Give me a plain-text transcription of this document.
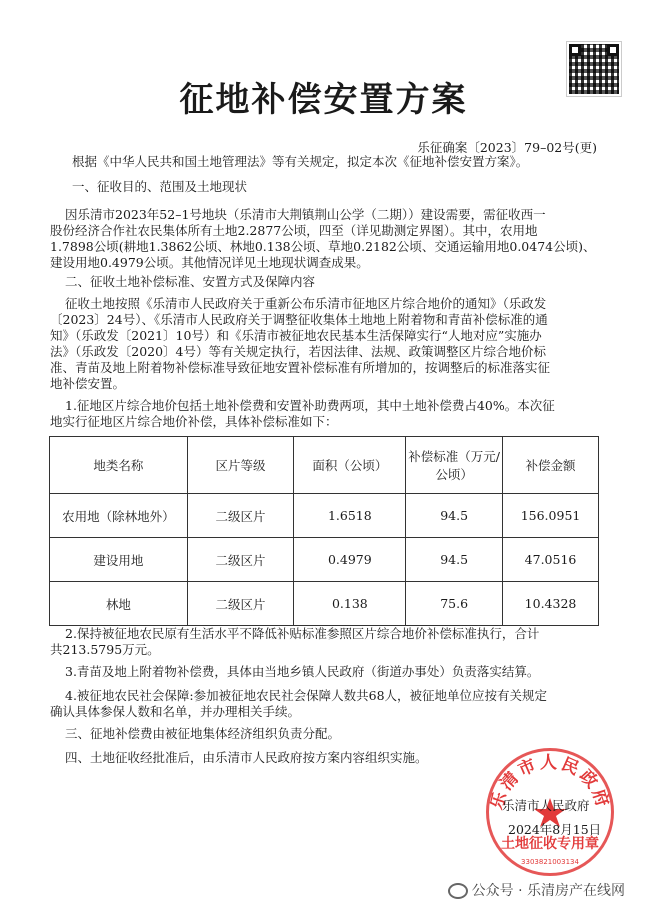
征地补偿安置方案
乐征确案〔2023〕79–02号(更)

根据《中华人民共和国土地管理法》等有关规定，拟定本次《征地补偿安置方案》。

一、征收目的、范围及土地现状

因乐清市2023年52–1号地块（乐清市大荆镇荆山公学（二期））建设需要，需征收西一

股份经济合作社农民集体所有土地2.2877公顷，四至（详见勘测定界图）。其中，农用地

1.7898公顷(耕地1.3862公顷、林地0.138公顷、草地0.2182公顷、交通运输用地0.0474公顷)、

建设用地0.4979公顷。其他情况详见土地现状调查成果。

二、征收土地补偿标准、安置方式及保障内容

征收土地按照《乐清市人民政府关于重新公布乐清市征地区片综合地价的通知》（乐政发

〔2023〕24号）、《乐清市人民政府关于调整征收集体土地地上附着物和青苗补偿标准的通

知》（乐政发〔2021〕10号）和《乐清市被征地农民基本生活保障实行“人地对应”实施办

法》（乐政发〔2020〕4号）等有关规定执行，若因法律、法规、政策调整区片综合地价标

准、青苗及地上附着物补偿标准导致征地安置补偿标准有所增加的，按调整后的标准落实征

地补偿安置。

1.征地区片综合地价包括土地补偿费和安置补助费两项，其中土地补偿费占40%。本次征

地实行征地区片综合地价补偿，具体补偿标准如下：

地类名称	区片等级	面积（公顷）	补偿标准（万元/公顷）	补偿金额
农用地（除林地外）	二级区片	1.6518	94.5	156.0951
建设用地	二级区片	0.4979	94.5	47.0516
林地	二级区片	0.138	75.6	10.4328

2.保持被征地农民原有生活水平不降低补贴标准参照区片综合地价补偿标准执行，合计

共213.5795万元。

3.青苗及地上附着物补偿费，具体由当地乡镇人民政府（街道办事处）负责落实结算。

4.被征地农民社会保障:参加被征地农民社会保障人数共68人，被征地单位应按有关规定

确认具体参保人数和名单，并办理相关手续。

三、征地补偿费由被征地集体经济组织负责分配。

四、土地征收经批准后，由乐清市人民政府按方案内容组织实施。

乐清市人民政府
土地征收专用章
3303821003134
乐清市人民政府
2024年8月15日
公众号 · 乐清房产在线网
